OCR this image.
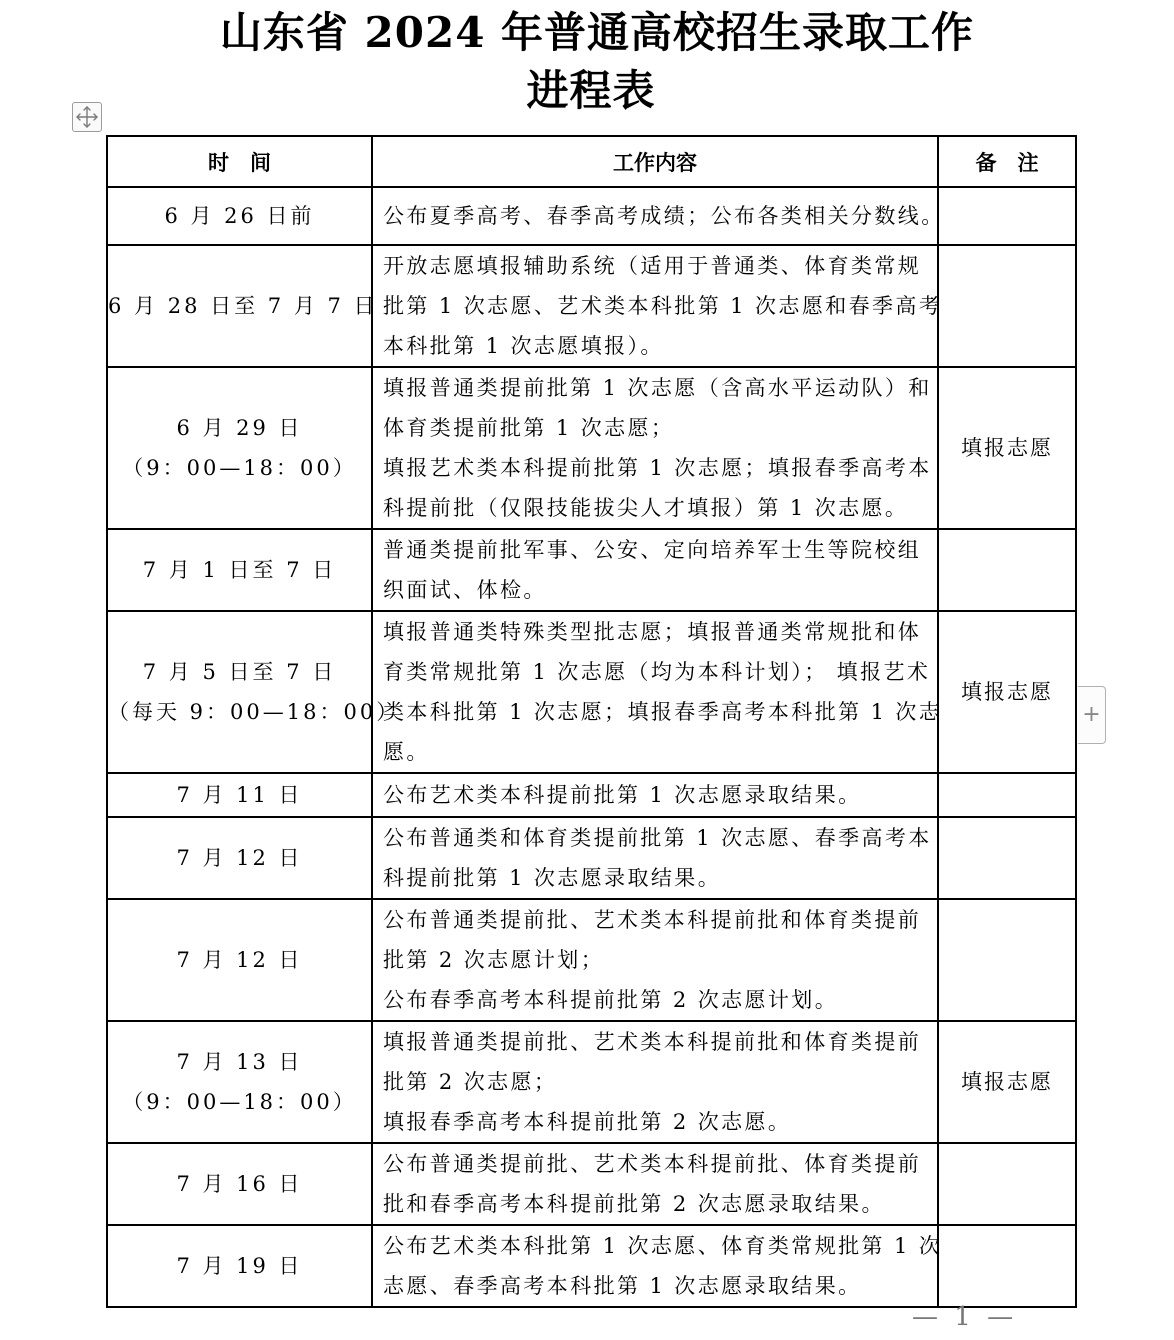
山东省 2024 年普通高校招生录取工作
进程表
时　间	工作内容	备　注

6 月 26 日前	公布夏季高考、春季高考成绩；公布各类相关分数线。	

6 月 28 日至 7 月 7 日	开放志愿填报辅助系统（适用于普通类、体育类常规
批第 1 次志愿、艺术类本科批第 1 次志愿和春季高考
本科批第 1 次志愿填报）。	

6 月 29 日
（9：00—18：00）	填报普通类提前批第 1 次志愿（含高水平运动队）和
体育类提前批第 1 次志愿；
填报艺术类本科提前批第 1 次志愿；填报春季高考本
科提前批（仅限技能拔尖人才填报）第 1 次志愿。	填报志愿

7 月 1 日至 7 日	普通类提前批军事、公安、定向培养军士生等院校组
织面试、体检。	

7 月 5 日至 7 日
（每天 9：00—18：00）	填报普通类特殊类型批志愿；填报普通类常规批和体
育类常规批第 1 次志愿（均为本科计划）； 填报艺术
类本科批第 1 次志愿；填报春季高考本科批第 1 次志
愿。	填报志愿

7 月 11 日	公布艺术类本科提前批第 1 次志愿录取结果。	

7 月 12 日	公布普通类和体育类提前批第 1 次志愿、春季高考本
科提前批第 1 次志愿录取结果。	

7 月 12 日	公布普通类提前批、艺术类本科提前批和体育类提前
批第 2 次志愿计划；
公布春季高考本科提前批第 2 次志愿计划。	

7 月 13 日
（9：00—18：00）	填报普通类提前批、艺术类本科提前批和体育类提前
批第 2 次志愿；
填报春季高考本科提前批第 2 次志愿。	填报志愿

7 月 16 日	公布普通类提前批、艺术类本科提前批、体育类提前
批和春季高考本科提前批第 2 次志愿录取结果。	

7 月 19 日	公布艺术类本科批第 1 次志愿、体育类常规批第 1 次
志愿、春季高考本科批第 1 次志愿录取结果。	

+
— 1 —
